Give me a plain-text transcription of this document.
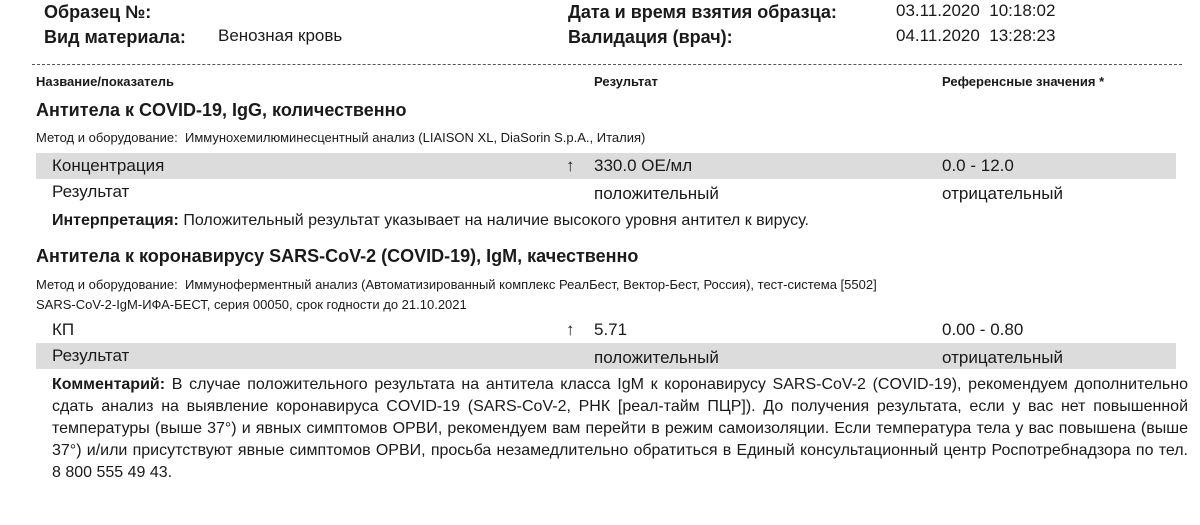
Образец №:
Вид материала: Венозная кровь
Дата и время взятия образца:	03.11.2020  10:18:02
Валидация (врач):	04.11.2020  13:28:23
Название/показатель	Результат	Референсные значения *
Антитела к COVID-19, IgG, количественно
Метод и оборудование: Иммунохемилюминесцентный анализ (LIAISON XL, DiaSorin S.p.A., Италия)
Концентрация	↑ 330.0 ОЕ/мл	0.0 - 12.0
Результат	положительный	отрицательный
Интерпретация: Положительный результат указывает на наличие высокого уровня антител к вирусу.
Антитела к коронавирусу SARS-CoV-2 (COVID-19), IgM, качественно
Метод и оборудование: Иммуноферментный анализ (Автоматизированный комплекс РеалБест, Вектор-Бест, Россия), тест-система [5502]
SARS-CoV-2-IgM-ИФА-БЕСТ, серия 00050, срок годности до 21.10.2021
КП	↑ 5.71	0.00 - 0.80
Результат	положительный	отрицательный
Комментарий: В случае положительного результата на антитела класса IgM к коронавирусу SARS-CoV-2 (COVID-19), рекомендуем дополнительно сдать анализ на выявление коронавируса COVID-19 (SARS-CoV-2, РНК [реал-тайм ПЦР]). До получения результата, если у вас нет повышенной температуры (выше 37°) и явных симптомов ОРВИ, рекомендуем вам перейти в режим самоизоляции. Если температура тела у вас повышена (выше 37°) и/или присутствуют явные симптомов ОРВИ, просьба незамедлительно обратиться в Единый консультационный центр Роспотребнадзора по тел. 8 800 555 49 43.
